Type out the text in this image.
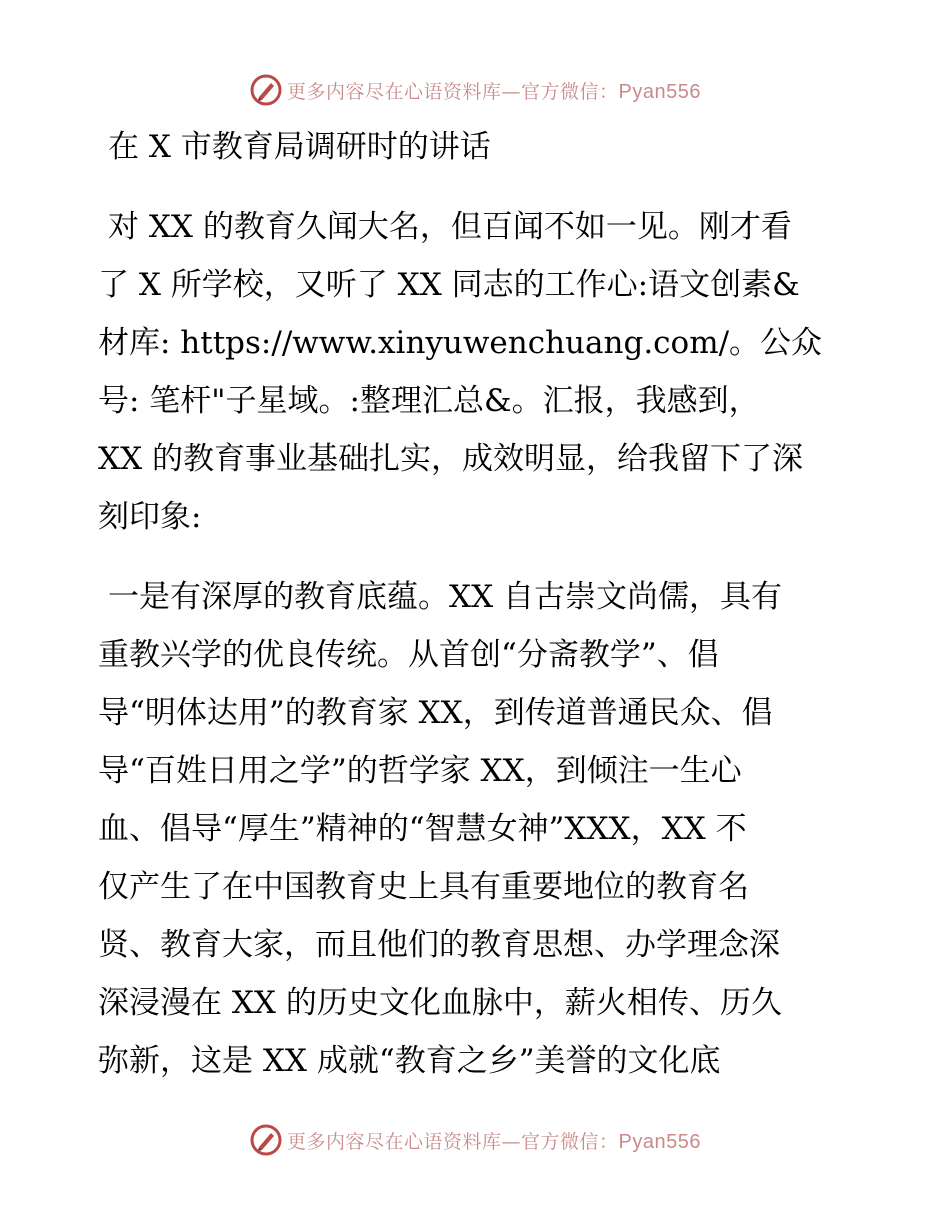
更多内容尽在心语资料库—官方微信：Pyan556
在 X 市教育局调研时的讲话

对 XX 的教育久闻大名，但百闻不如一见。刚才看
了 X 所学校，又听了 XX 同志的工作心:语文创素&
材库: https://www.xinyuwenchuang.com/。公众
号: 笔杆"子星域。:整理汇总&。汇报，我感到，
XX 的教育事业基础扎实，成效明显，给我留下了深
刻印象:

一是有深厚的教育底蕴。XX 自古崇文尚儒，具有
重教兴学的优良传统。从首创“分斋教学”、倡
导“明体达用”的教育家 XX，到传道普通民众、倡
导“百姓日用之学”的哲学家 XX，到倾注一生心
血、倡导“厚生”精神的“智慧女神”XXX，XX 不
仅产生了在中国教育史上具有重要地位的教育名
贤、教育大家，而且他们的教育思想、办学理念深
深浸漫在 XX 的历史文化血脉中，薪火相传、历久
弥新，这是 XX 成就“教育之乡”美誉的文化底

更多内容尽在心语资料库—官方微信：Pyan556
